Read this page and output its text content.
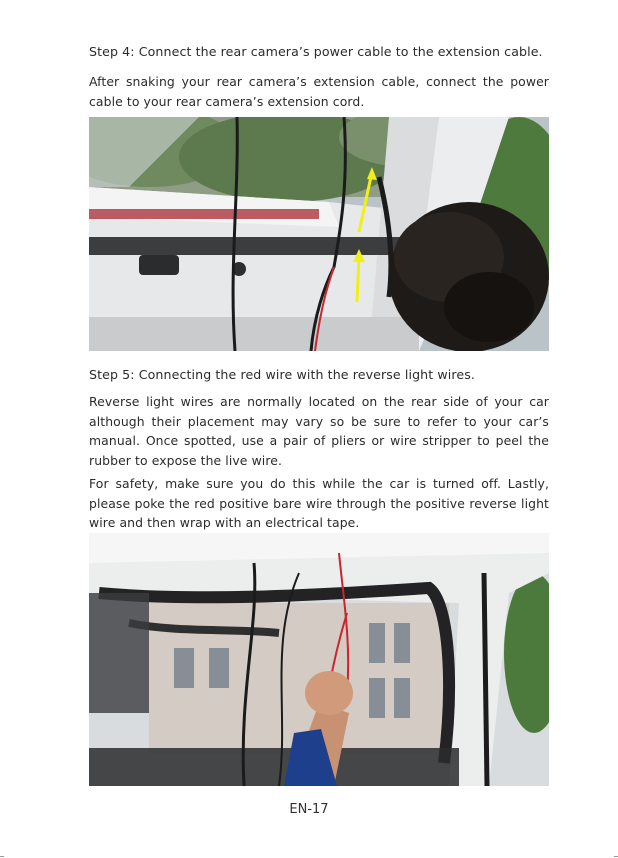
Step 4: Connect the rear camera’s power cable to the extension cable.

After snaking your rear camera’s extension cable, connect the power cable to your rear camera’s extension cord.

Step 5: Connecting the red wire with the reverse light wires.

Reverse light wires are normally located on the rear side of your car although their placement may vary so be sure to refer to your car’s manual. Once spotted, use a pair of pliers or wire stripper to peel the rubber to expose the live wire.

For safety, make sure you do this while the car is turned off. Lastly, please poke the red positive bare wire through the positive reverse light wire and then wrap with an electrical tape.

EN-17
